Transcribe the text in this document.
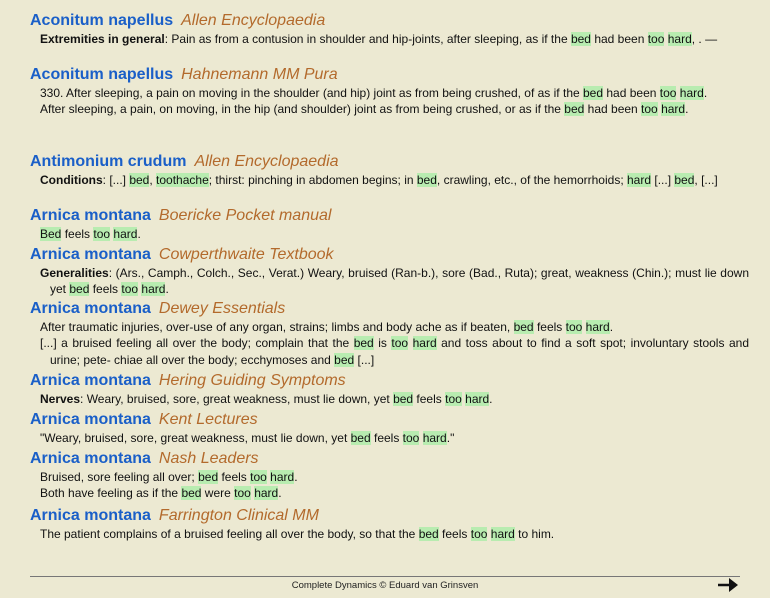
Aconitum napellus Allen Encyclopaedia
Extremities in general: Pain as from a contusion in shoulder and hip-joints, after sleeping, as if the bed had been too hard, . —
Aconitum napellus Hahnemann MM Pura
330. After sleeping, a pain on moving in the shoulder (and hip) joint as from being crushed, of as if the bed had been too hard.
After sleeping, a pain, on moving, in the hip (and shoulder) joint as from being crushed, or as if the bed had been too hard.
Antimonium crudum Allen Encyclopaedia
Conditions: [...] bed, toothache; thirst: pinching in abdomen begins; in bed, crawling, etc., of the hemorrhoids; hard [...] bed, [...]
Arnica montana Boericke Pocket manual
Bed feels too hard.
Arnica montana Cowperthwaite Textbook
Generalities: (Ars., Camph., Colch., Sec., Verat.) Weary, bruised (Ran-b.), sore (Bad., Ruta); great, weakness (Chin.); must lie down yet bed feels too hard.
Arnica montana Dewey Essentials
After traumatic injuries, over-use of any organ, strains; limbs and body ache as if beaten, bed feels too hard.
[...] a bruised feeling all over the body; complain that the bed is too hard and toss about to find a soft spot; involuntary stools and urine; pete- chiae all over the body; ecchymoses and bed [...]
Arnica montana Hering Guiding Symptoms
Nerves: Weary, bruised, sore, great weakness, must lie down, yet bed feels too hard.
Arnica montana Kent Lectures
"Weary, bruised, sore, great weakness, must lie down, yet bed feels too hard."
Arnica montana Nash Leaders
Bruised, sore feeling all over; bed feels too hard.
Both have feeling as if the bed were too hard.
Arnica montana Farrington Clinical MM
The patient complains of a bruised feeling all over the body, so that the bed feels too hard to him.
Complete Dynamics © Eduard van Grinsven
